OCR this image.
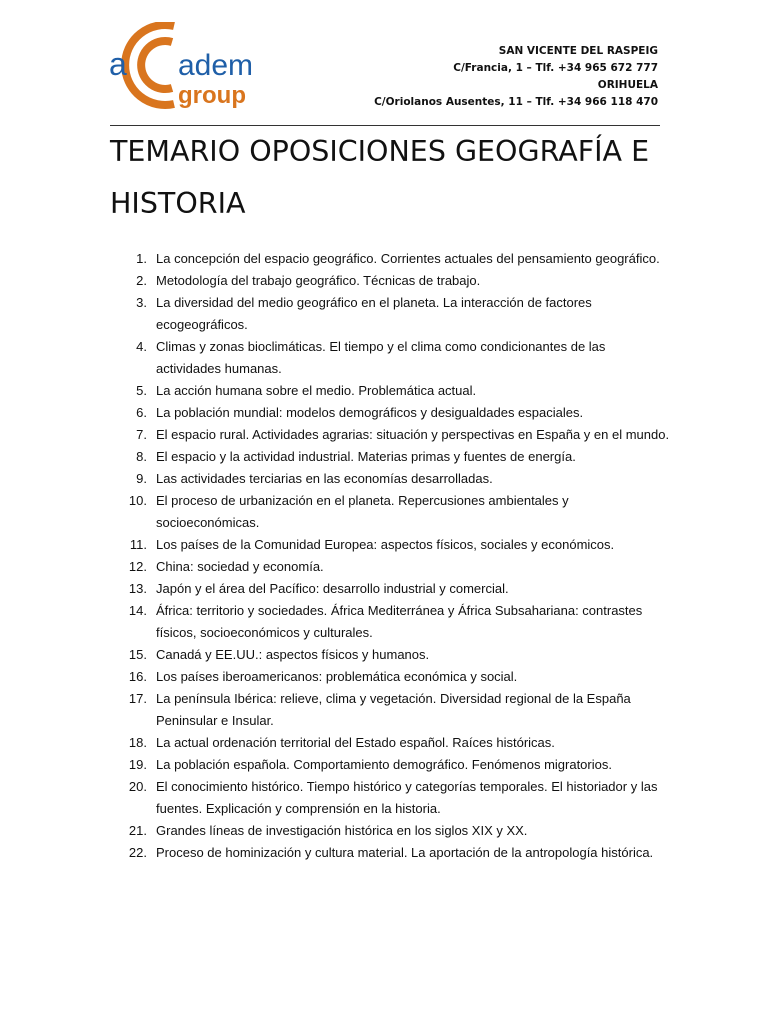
a adem
group
SAN VICENTE DEL RASPEIG
C/Francia, 1 – Tlf. +34 965 672 777
ORIHUELA
C/Oriolanos Ausentes, 11 – Tlf. +34 966 118 470
TEMARIO OPOSICIONES GEOGRAFÍA E
HISTORIA
1. La concepción del espacio geográfico. Corrientes actuales del pensamiento geográfico.
2. Metodología del trabajo geográfico. Técnicas de trabajo.
3. La diversidad del medio geográfico en el planeta. La interacción de factores ecogeográficos.
4. Climas y zonas bioclimáticas. El tiempo y el clima como condicionantes de las actividades humanas.
5. La acción humana sobre el medio. Problemática actual.
6. La población mundial: modelos demográficos y desigualdades espaciales.
7. El espacio rural. Actividades agrarias: situación y perspectivas en España y en el mundo.
8. El espacio y la actividad industrial. Materias primas y fuentes de energía.
9. Las actividades terciarias en las economías desarrolladas.
10. El proceso de urbanización en el planeta. Repercusiones ambientales y socioeconómicas.
11. Los países de la Comunidad Europea: aspectos físicos, sociales y económicos.
12. China: sociedad y economía.
13. Japón y el área del Pacífico: desarrollo industrial y comercial.
14. África: territorio y sociedades. África Mediterránea y África Subsahariana: contrastes físicos, socioeconómicos y culturales.
15. Canadá y EE.UU.: aspectos físicos y humanos.
16. Los países iberoamericanos: problemática económica y social.
17. La península Ibérica: relieve, clima y vegetación. Diversidad regional de la España Peninsular e Insular.
18. La actual ordenación territorial del Estado español. Raíces históricas.
19. La población española. Comportamiento demográfico. Fenómenos migratorios.
20. El conocimiento histórico. Tiempo histórico y categorías temporales. El historiador y las fuentes. Explicación y comprensión en la historia.
21. Grandes líneas de investigación histórica en los siglos XIX y XX.
22. Proceso de hominización y cultura material. La aportación de la antropología histórica.
